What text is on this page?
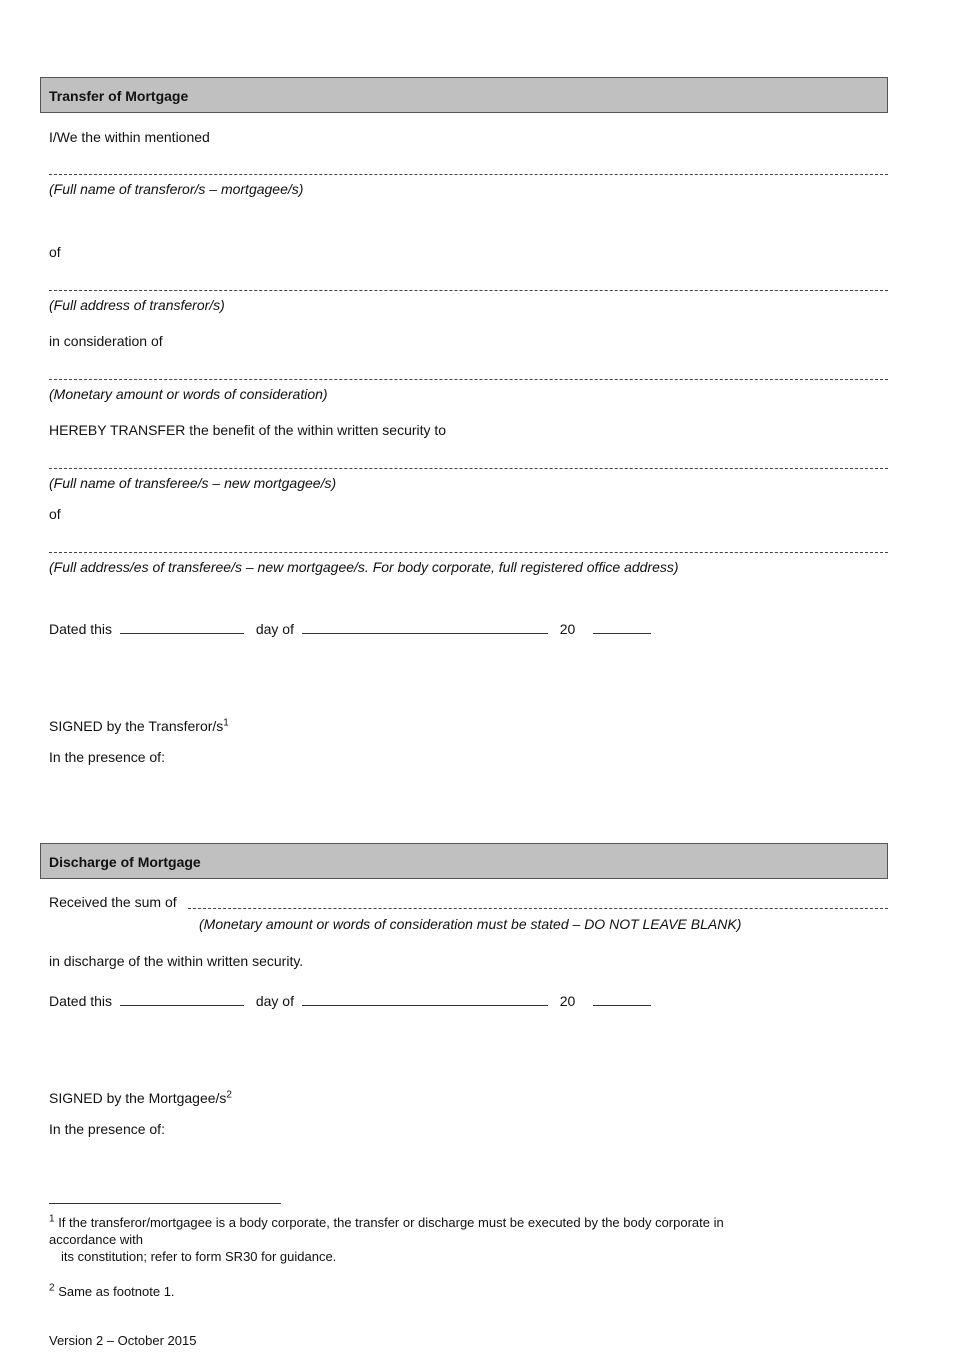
Transfer of Mortgage
I/We the within mentioned
(Full name of transferor/s – mortgagee/s)
of
(Full address of transferor/s)
in consideration of
(Monetary amount or words of consideration)
HEREBY TRANSFER the benefit of the within written security to
(Full name of transferee/s – new mortgagee/s)
of
(Full address/es of transferee/s – new mortgagee/s. For body corporate, full registered office address)
Dated this	day of	20
SIGNED by the Transferor/$s^1$
In the presence of:
Discharge of Mortgage
Received the sum of
(Monetary amount or words of consideration must be stated – DO NOT LEAVE BLANK)
in discharge of the within written security.
Dated this	day of	20
SIGNED by the Mortgagee/$s^2$
In the presence of:
$^1$ If the transferor/mortgagee is a body corporate, the transfer or discharge must be executed by the body corporate in
accordance with
its constitution; refer to form SR30 for guidance.
$^2$ Same as footnote 1.
Version 2 – October 2015
